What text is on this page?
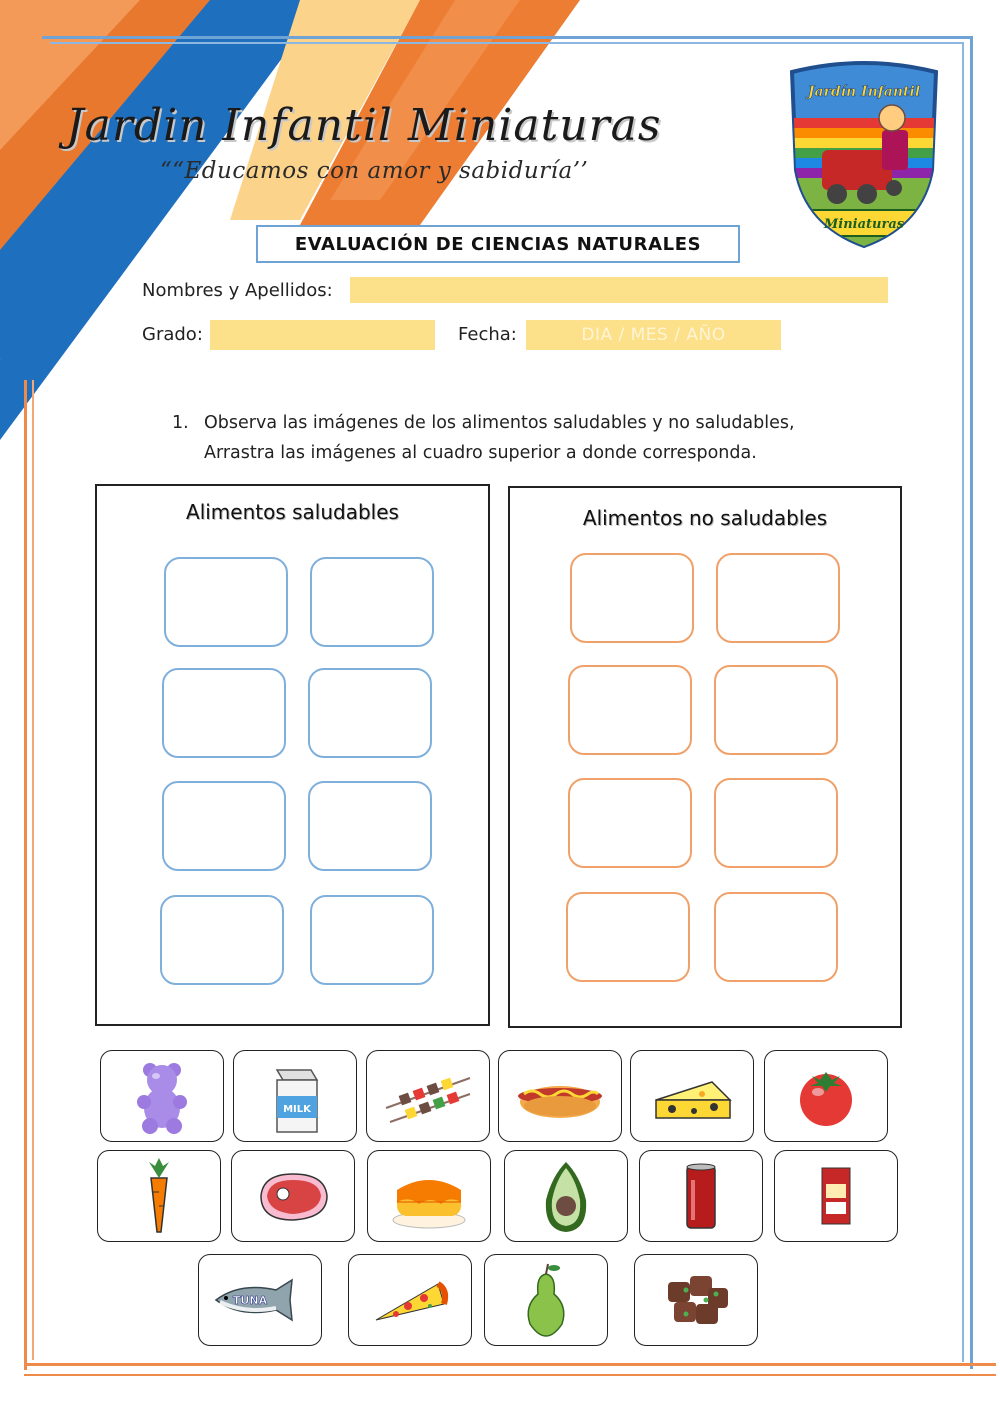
Jardin Infantil Miniaturas
““Educamos con amor y sabiduría’’
Jardín Infantil
Miniaturas
EVALUACIÓN DE CIENCIAS NATURALES
Nombres y Apellidos:
Grado:	Fecha:	DIA / MES / AÑO
1. Observa las imágenes de los alimentos saludables y no saludables,
Arrastra las imágenes al cuadro superior a donde corresponda.
Alimentos saludables	Alimentos no saludables
MILK
TUNA
